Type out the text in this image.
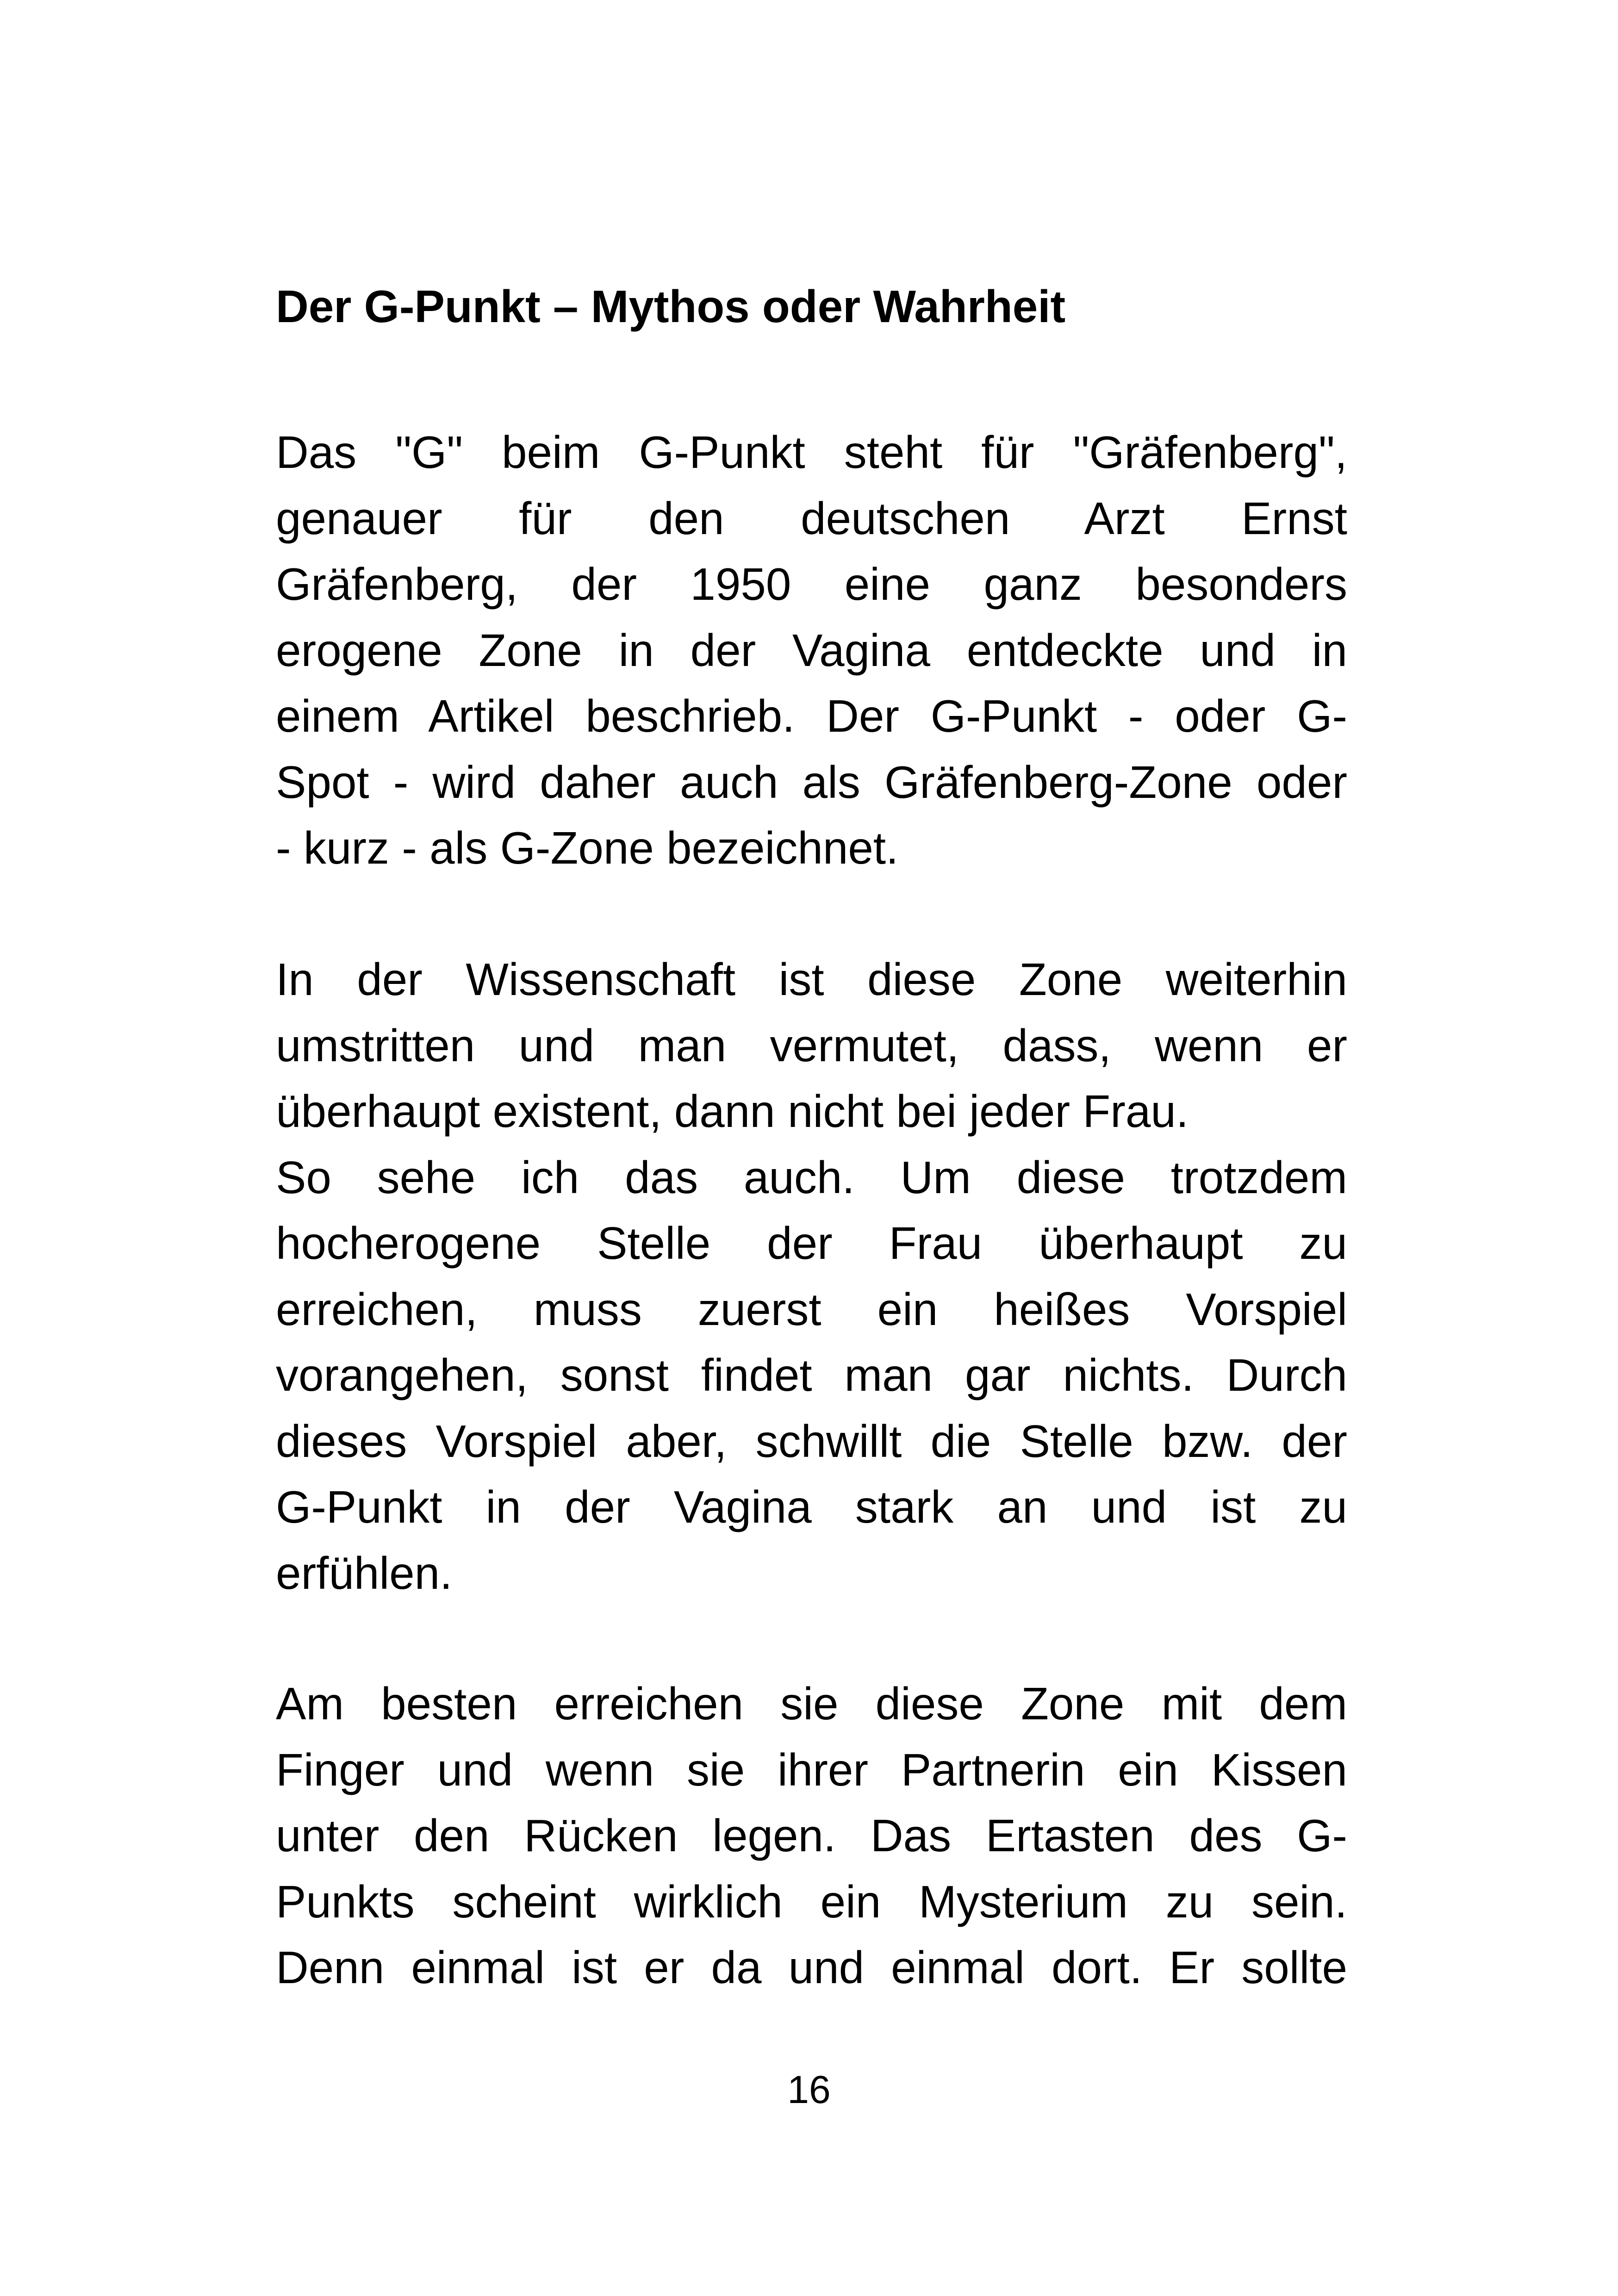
Der G-Punkt – Mythos oder Wahrheit
Das "G" beim G-Punkt steht für "Gräfenberg",
genauer für den deutschen Arzt Ernst
Gräfenberg, der 1950 eine ganz besonders
erogene Zone in der Vagina entdeckte und in
einem Artikel beschrieb. Der G-Punkt - oder G-
Spot - wird daher auch als Gräfenberg-Zone oder
- kurz - als G-Zone bezeichnet.
In der Wissenschaft ist diese Zone weiterhin
umstritten und man vermutet, dass, wenn er
überhaupt existent, dann nicht bei jeder Frau.
So sehe ich das auch. Um diese trotzdem
hocherogene Stelle der Frau überhaupt zu
erreichen, muss zuerst ein heißes Vorspiel
vorangehen, sonst findet man gar nichts. Durch
dieses Vorspiel aber, schwillt die Stelle bzw. der
G-Punkt in der Vagina stark an und ist zu
erfühlen.
Am besten erreichen sie diese Zone mit dem
Finger und wenn sie ihrer Partnerin ein Kissen
unter den Rücken legen. Das Ertasten des G-
Punkts scheint wirklich ein Mysterium zu sein.
Denn einmal ist er da und einmal dort. Er sollte
16
